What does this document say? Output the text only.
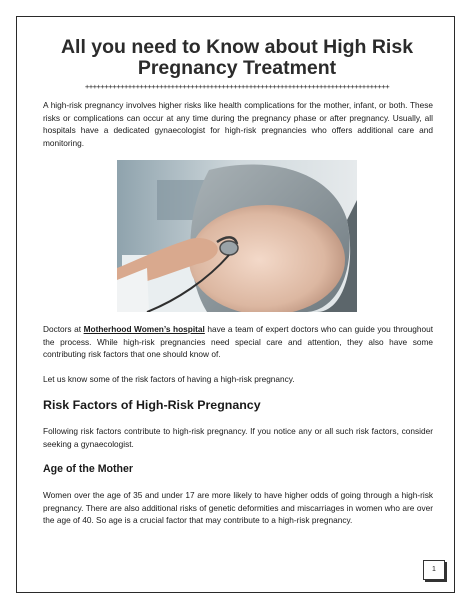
All you need to Know about High Risk
Pregnancy Treatment
++++++++++++++++++++++++++++++++++++++++++++++++++++++++++++++++++++++++++++++

A high-risk pregnancy involves higher risks like health complications for the mother, infant, or both. These risks or complications can occur at any time during the pregnancy phase or after pregnancy. Usually, all hospitals have a dedicated gynaecologist for high-risk pregnancies who offers additional care and monitoring.

Doctors at Motherhood Women’s hospital have a team of expert doctors who can guide you throughout the process. While high-risk pregnancies need special care and attention, they also have some contributing risk factors that one should know of.

Let us know some of the risk factors of having a high-risk pregnancy.

Risk Factors of High-Risk Pregnancy

Following risk factors contribute to high-risk pregnancy. If you notice any or all such risk factors, consider seeking a gynaecologist.

Age of the Mother

Women over the age of 35 and under 17 are more likely to have higher odds of going through a high-risk pregnancy. There are also additional risks of genetic deformities and miscarriages in women who are over the age of 40. So age is a crucial factor that may contribute to a high-risk pregnancy.

1
